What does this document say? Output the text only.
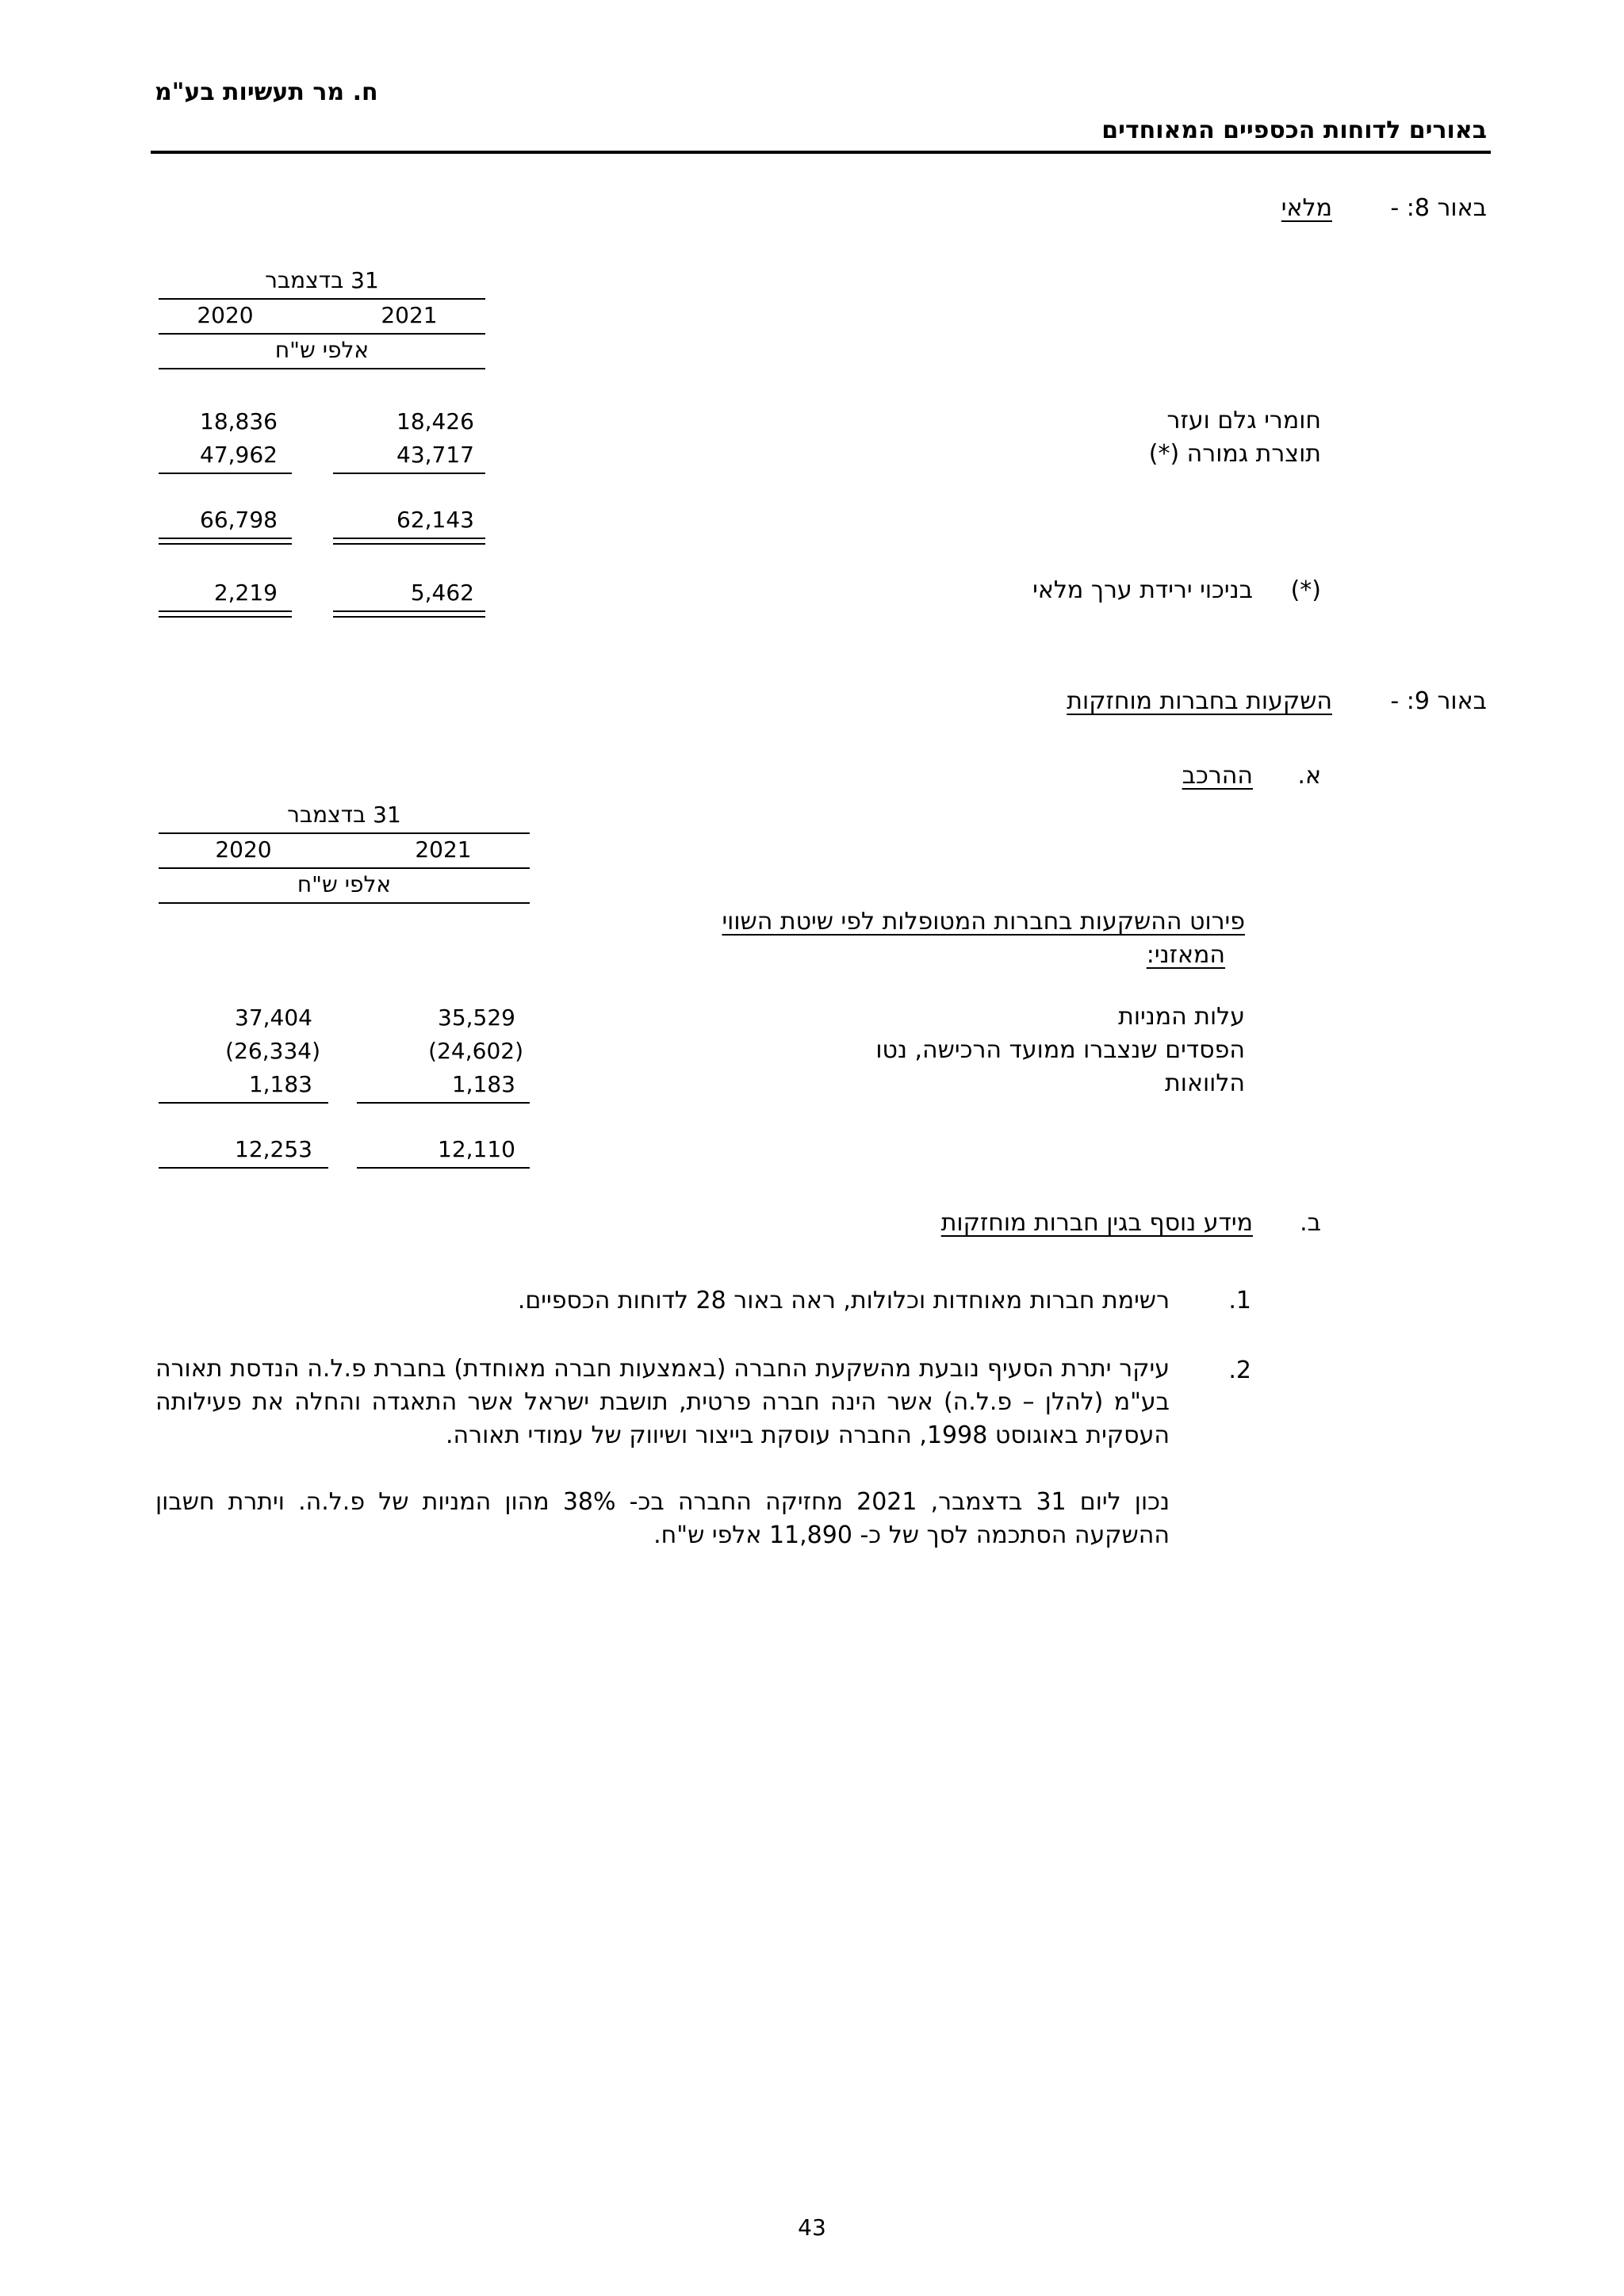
ח. מר תעשיות בע"מ
באורים לדוחות הכספיים המאוחדים
באור 8: -
מלאי
31 בדצמבר
2021
2020
אלפי ש"ח
חומרי גלם ועזר
18,426
18,836
תוצרת גמורה (*)
43,717
47,962
62,143
66,798
(*)
בניכוי ירידת ערך מלאי
5,462
2,219
באור 9: -
השקעות בחברות מוחזקות
א.
ההרכב
31 בדצמבר
2021
2020
אלפי ש"ח
פירוט ההשקעות בחברות המטופלות לפי שיטת השווי
המאזני:
עלות המניות
35,529
37,404
הפסדים שנצברו ממועד הרכישה, נטו
(24,602)
(26,334)
הלוואות
1,183
1,183
12,110
12,253
ב.
מידע נוסף בגין חברות מוחזקות
.1
רשימת חברות מאוחדות וכלולות, ראה באור 28 לדוחות הכספיים.
.2
עיקר יתרת הסעיף נובעת מהשקעת החברה (באמצעות חברה מאוחדת) בחברת פ.ל.ה הנדסת תאורה בע"מ (להלן – פ.ל.ה) אשר הינה חברה פרטית, תושבת ישראל אשר התאגדה והחלה את פעילותה העסקית באוגוסט 1998, החברה עוסקת בייצור ושיווק של עמודי תאורה.
נכון ליום 31 בדצמבר, 2021 מחזיקה החברה בכ- 38% מהון המניות של פ.ל.ה. ויתרת חשבון ההשקעה הסתכמה לסך של כ- 11,890 אלפי ש"ח.
43
